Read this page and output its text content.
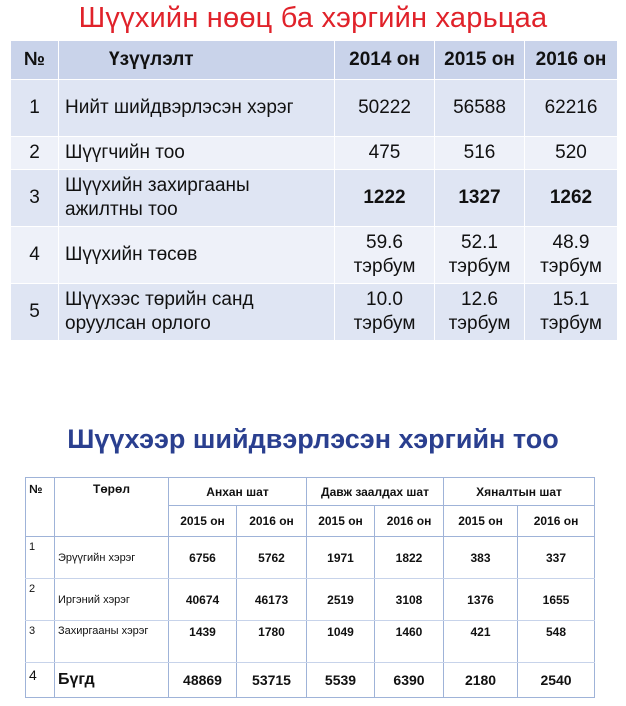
Шүүхийн нөөц ба хэргийн харьцаа
№	Үзүүлэлт	2014 он	2015 он	2016 он
1	Нийт шийдвэрлэсэн хэрэг	50222	56588	62216
2	Шүүгчийн тоо	475	516	520
3	Шүүхийн захиргааны ажилтны тоо	1222	1327	1262
4	Шүүхийн төсөв	59.6 тэрбум	52.1 тэрбум	48.9 тэрбум
5	Шүүхээс төрийн санд оруулсан орлого	10.0 тэрбум	12.6 тэрбум	15.1 тэрбум
Шүүхээр шийдвэрлэсэн хэргийн тоо
№	Төрөл	Анхан шат		Давж заалдах шат		Хяналтын шат	
		2015 он	2016 он	2015 он	2016 он	2015 он	2016 он
1	Эрүүгийн хэрэг	6756	5762	1971	1822	383	337
2	Иргэний хэрэг	40674	46173	2519	3108	1376	1655
3	Захиргааны хэрэг	1439	1780	1049	1460	421	548
4	Бүгд	48869	53715	5539	6390	2180	2540
